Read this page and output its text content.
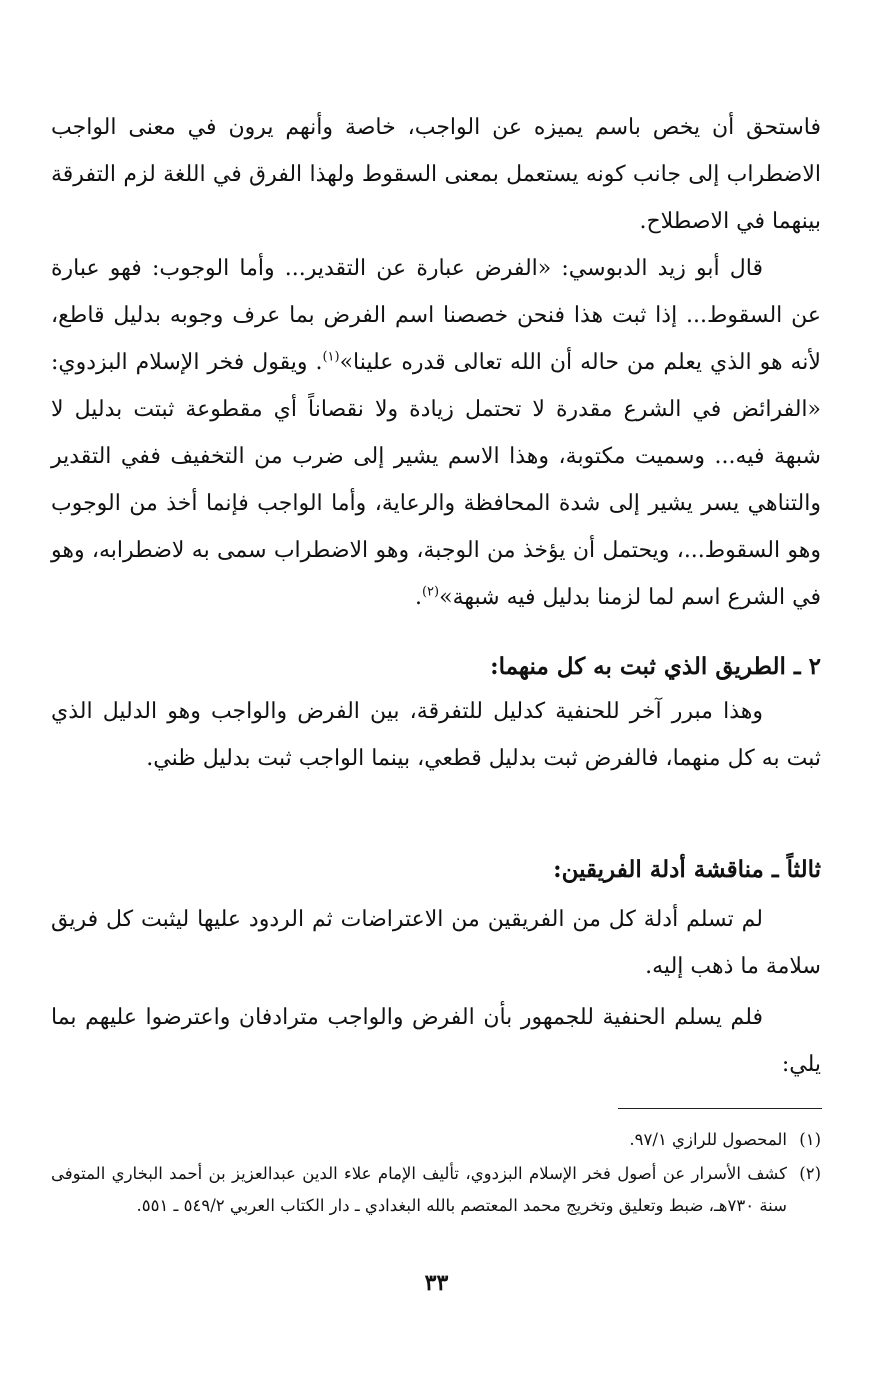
فاستحق أن يخص باسم يميزه عن الواجب، خاصة وأنهم يرون في معنى الواجب الاضطراب إلى جانب كونه يستعمل بمعنى السقوط ولهذا الفرق في اللغة لزم التفرقة بينهما في الاصطلاح.

قال أبو زيد الدبوسي: «الفرض عبارة عن التقدير... وأما الوجوب: فهو عبارة عن السقوط... إذا ثبت هذا فنحن خصصنا اسم الفرض بما عرف وجوبه بدليل قاطع، لأنه هو الذي يعلم من حاله أن الله تعالى قدره علينا»$^{(١)}$. ويقول فخر الإسلام البزدوي: «الفرائض في الشرع مقدرة لا تحتمل زيادة ولا نقصاناً أي مقطوعة ثبتت بدليل لا شبهة فيه... وسميت مكتوبة، وهذا الاسم يشير إلى ضرب من التخفيف ففي التقدير والتناهي يسر يشير إلى شدة المحافظة والرعاية، وأما الواجب فإنما أخذ من الوجوب وهو السقوط...، ويحتمل أن يؤخذ من الوجبة، وهو الاضطراب سمى به لاضطرابه، وهو في الشرع اسم لما لزمنا بدليل فيه شبهة»$^{(٢)}$.

٢ ـ الطريق الذي ثبت به كل منهما:

وهذا مبرر آخر للحنفية كدليل للتفرقة، بين الفرض والواجب وهو الدليل الذي ثبت به كل منهما، فالفرض ثبت بدليل قطعي، بينما الواجب ثبت بدليل ظني.

ثالثاً ـ مناقشة أدلة الفريقين:

لم تسلم أدلة كل من الفريقين من الاعتراضات ثم الردود عليها ليثبت كل فريق سلامة ما ذهب إليه.

فلم يسلم الحنفية للجمهور بأن الفرض والواجب مترادفان واعترضوا عليهم بما يلي:

(١)
المحصول للرازي ٩٧/١.
(٢)
كشف الأسرار عن أصول فخر الإسلام البزدوي، تأليف الإمام علاء الدين عبدالعزيز بن أحمد البخاري المتوفى سنة ٧٣٠هـ، ضبط وتعليق وتخريج محمد المعتصم بالله البغدادي ـ دار الكتاب العربي ٥٤٩/٢ ـ ٥٥١.
٣٣
